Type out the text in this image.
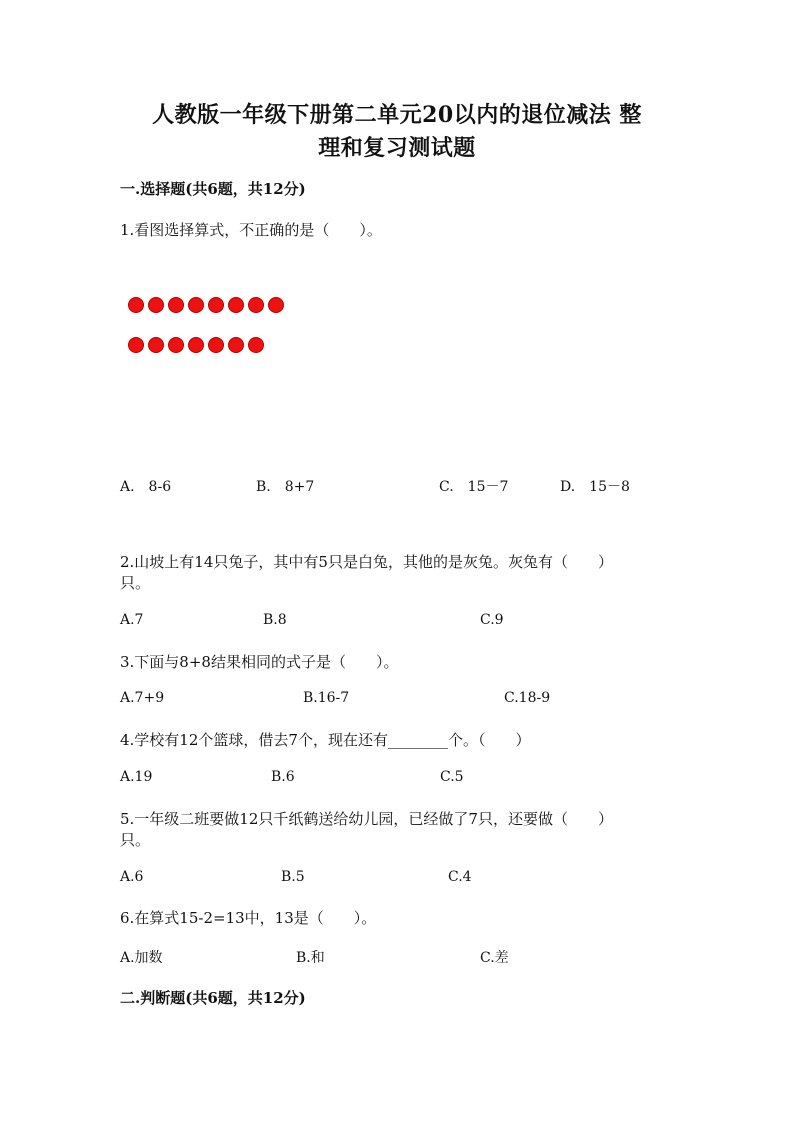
人教版一年级下册第二单元20以内的退位减法 整
理和复习测试题
一.选择题(共6题，共12分)
1.看图选择算式，不正确的是（　　）。
A.　8-6	B.　8+7	C.　15－7	D.　15－8
2.山坡上有14只兔子，其中有5只是白兔，其他的是灰兔。灰兔有（　　）
只。
A.7	B.8	C.9
3.下面与8+8结果相同的式子是（　　）。
A.7+9	B.16-7	C.18-9
4.学校有12个篮球，借去7个，现在还有________个。（　　）
A.19	B.6	C.5
5.一年级二班要做12只千纸鹤送给幼儿园，已经做了7只，还要做（　　）
只。
A.6	B.5	C.4
6.在算式15-2=13中，13是（　　）。
A.加数	B.和	C.差
二.判断题(共6题，共12分)
